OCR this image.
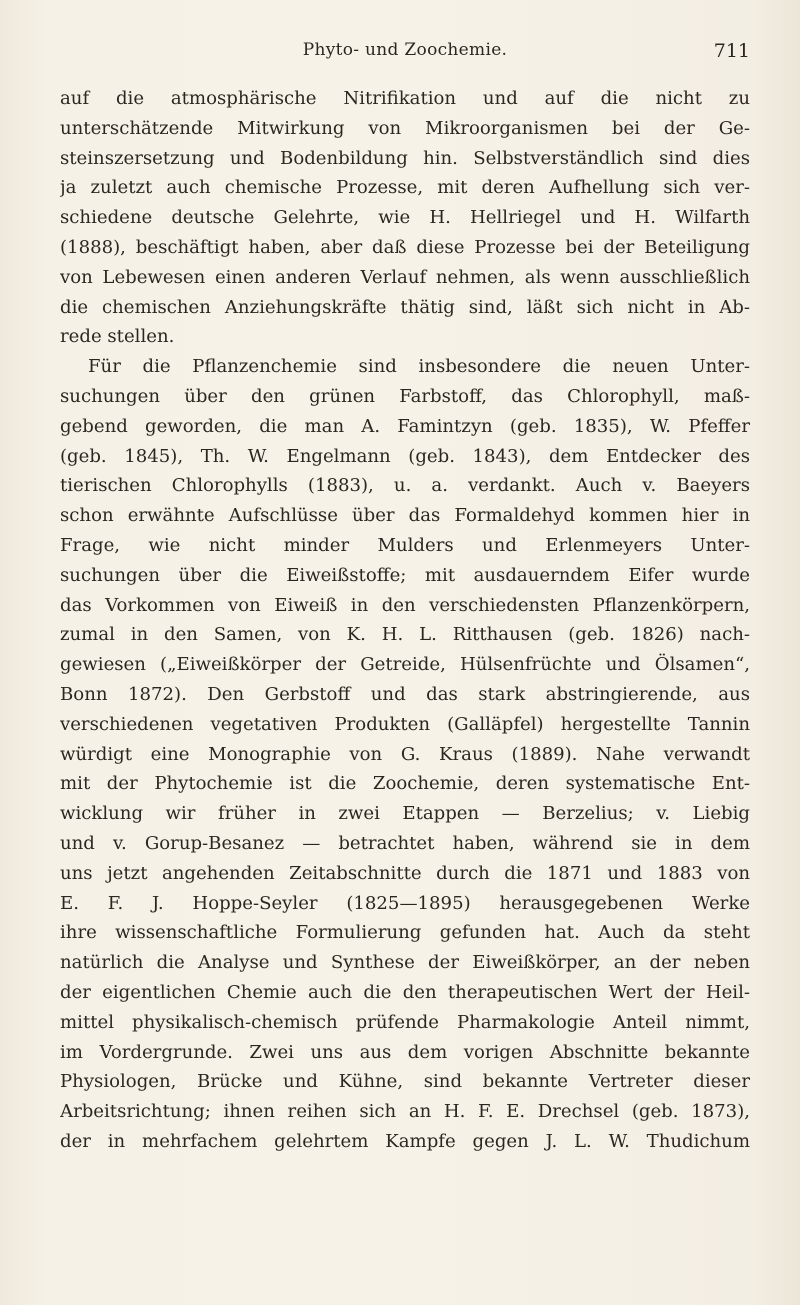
Phyto- und Zoochemie.	711
auf die atmosphärische Nitrifikation und auf die nicht zu
unterschätzende Mitwirkung von Mikroorganismen bei der Ge-
steinszersetzung und Bodenbildung hin. Selbstverständlich sind dies
ja zuletzt auch chemische Prozesse, mit deren Aufhellung sich ver-
schiedene deutsche Gelehrte, wie H. Hellriegel und H. Wilfarth
(1888), beschäftigt haben, aber daß diese Prozesse bei der Beteiligung
von Lebewesen einen anderen Verlauf nehmen, als wenn ausschließlich
die chemischen Anziehungskräfte thätig sind, läßt sich nicht in Ab-
rede stellen.
Für die Pflanzenchemie sind insbesondere die neuen Unter-
suchungen über den grünen Farbstoff, das Chlorophyll, maß-
gebend geworden, die man A. Famintzyn (geb. 1835), W. Pfeffer
(geb. 1845), Th. W. Engelmann (geb. 1843), dem Entdecker des
tierischen Chlorophylls (1883), u. a. verdankt. Auch v. Baeyers
schon erwähnte Aufschlüsse über das Formaldehyd kommen hier in
Frage, wie nicht minder Mulders und Erlenmeyers Unter-
suchungen über die Eiweißstoffe; mit ausdauerndem Eifer wurde
das Vorkommen von Eiweiß in den verschiedensten Pflanzenkörpern,
zumal in den Samen, von K. H. L. Ritthausen (geb. 1826) nach-
gewiesen („Eiweißkörper der Getreide, Hülsenfrüchte und Ölsamen“,
Bonn 1872). Den Gerbstoff und das stark abstringierende, aus
verschiedenen vegetativen Produkten (Galläpfel) hergestellte Tannin
würdigt eine Monographie von G. Kraus (1889). Nahe verwandt
mit der Phytochemie ist die Zoochemie, deren systematische Ent-
wicklung wir früher in zwei Etappen — Berzelius; v. Liebig
und v. Gorup-Besanez — betrachtet haben, während sie in dem
uns jetzt angehenden Zeitabschnitte durch die 1871 und 1883 von
E. F. J. Hoppe-Seyler (1825—1895) herausgegebenen Werke
ihre wissenschaftliche Formulierung gefunden hat. Auch da steht
natürlich die Analyse und Synthese der Eiweißkörper, an der neben
der eigentlichen Chemie auch die den therapeutischen Wert der Heil-
mittel physikalisch-chemisch prüfende Pharmakologie Anteil nimmt,
im Vordergrunde. Zwei uns aus dem vorigen Abschnitte bekannte
Physiologen, Brücke und Kühne, sind bekannte Vertreter dieser
Arbeitsrichtung; ihnen reihen sich an H. F. E. Drechsel (geb. 1873),
der in mehrfachem gelehrtem Kampfe gegen J. L. W. Thudichum
